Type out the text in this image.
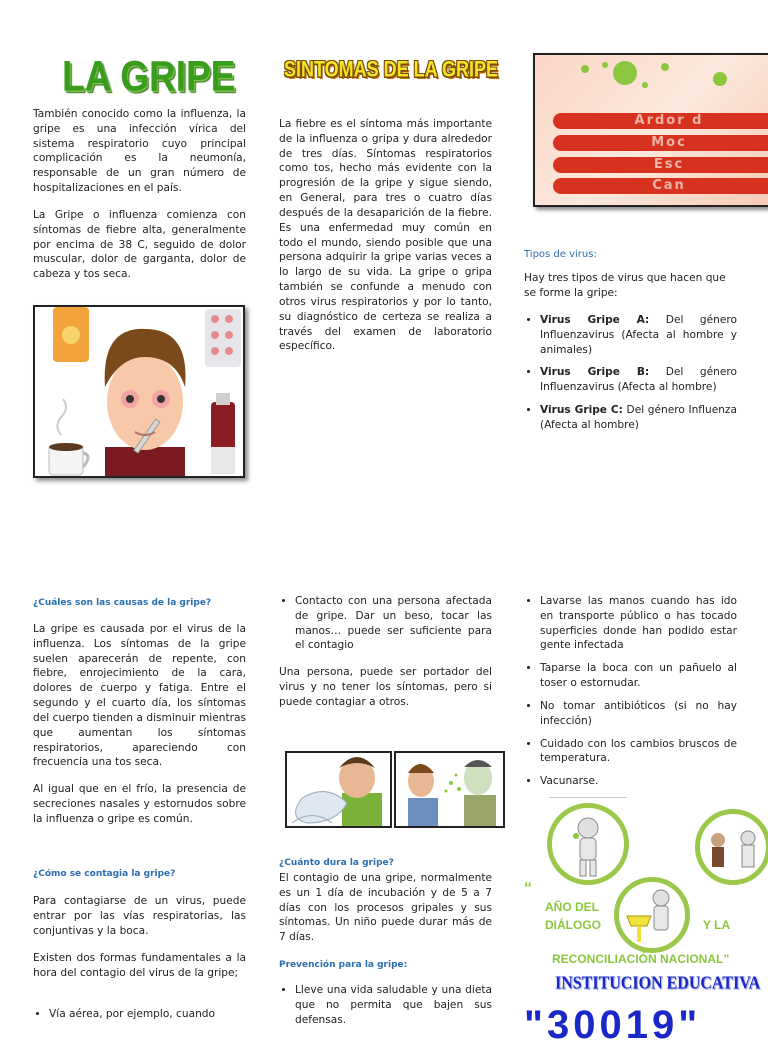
LA GRIPE

También conocido como la influenza, la gripe es una infección vírica del sistema respiratorio cuyo principal complicación es la neumonía, responsable de un gran número de hospitalizaciones en el país.

La Gripe o influenza comienza con síntomas de fiebre alta, generalmente por encima de 38 C, seguido de dolor muscular, dolor de garganta, dolor de cabeza y tos seca.

SINTOMAS DE LA GRIPE

La fiebre es el síntoma más importante de la influenza o gripa y dura alrededor de tres días. Síntomas respiratorios como tos, hecho más evidente con la progresión de la gripe y sigue siendo, en General, para tres o cuatro días después de la desaparición de la fiebre. Es una enfermedad muy común en todo el mundo, siendo posible que una persona adquirir la gripe varias veces a lo largo de su vida. La gripe o gripa también se confunde a menudo con otros virus respiratorios y por lo tanto, su diagnóstico de certeza se realiza a través del examen de laboratorio específico.

Ardor d
Moc
Esc
Can
Tipos de virus:

Hay tres tipos de virus que hacen que se forme la gripe:

• Virus Gripe A: Del género Influenzavirus (Afecta al hombre y animales)
• Virus Gripe B: Del género Influenzavirus (Afecta al hombre)
• Virus Gripe C: Del género Influenza (Afecta al hombre)
¿Cuáles son las causas de la gripe?

La gripe es causada por el virus de la influenza. Los síntomas de la gripe suelen aparecerán de repente, con fiebre, enrojecimiento de la cara, dolores de cuerpo y fatiga. Entre el segundo y el cuarto día, los síntomas del cuerpo tienden a disminuir mientras que aumentan los síntomas respiratorios, apareciendo con frecuencia una tos seca.

Al igual que en el frío, la presencia de secreciones nasales y estornudos sobre la influenza o gripe es común.

¿Cómo se contagia la gripe?

Para contagiarse de un virus, puede entrar por las vías respiratorias, las conjuntivas y la boca.

Existen dos formas fundamentales a la hora del contagio del virus de la gripe;

• Vía aérea, por ejemplo, cuando
• Contacto con una persona afectada de gripe. Dar un beso, tocar las manos… puede ser suficiente para el contagio

Una persona, puede ser portador del virus y no tener los síntomas, pero si puede contagiar a otros.

¿Cuánto dura la gripe?

El contagio de una gripe, normalmente es un 1 día de incubación y de 5 a 7 días con los procesos gripales y sus síntomas. Un niño puede durar más de 7 días.

Prevención para la gripe:
• Lleve una vida saludable y una dieta que no permita que bajen sus defensas.
• Lavarse las manos cuando has ido en transporte público o has tocado superficies donde han podido estar gente infectada
• Taparse la boca con un pañuelo al toser o estornudar.
• No tomar antibióticos (si no hay infección)
• Cuidado con los cambios bruscos de temperatura.
• Vacunarse.
“
AÑO DEL
DIÁLOGO	Y LA
RECONCILIACIÓN NACIONAL”
INSTITUCION EDUCATIVA
"30019"
